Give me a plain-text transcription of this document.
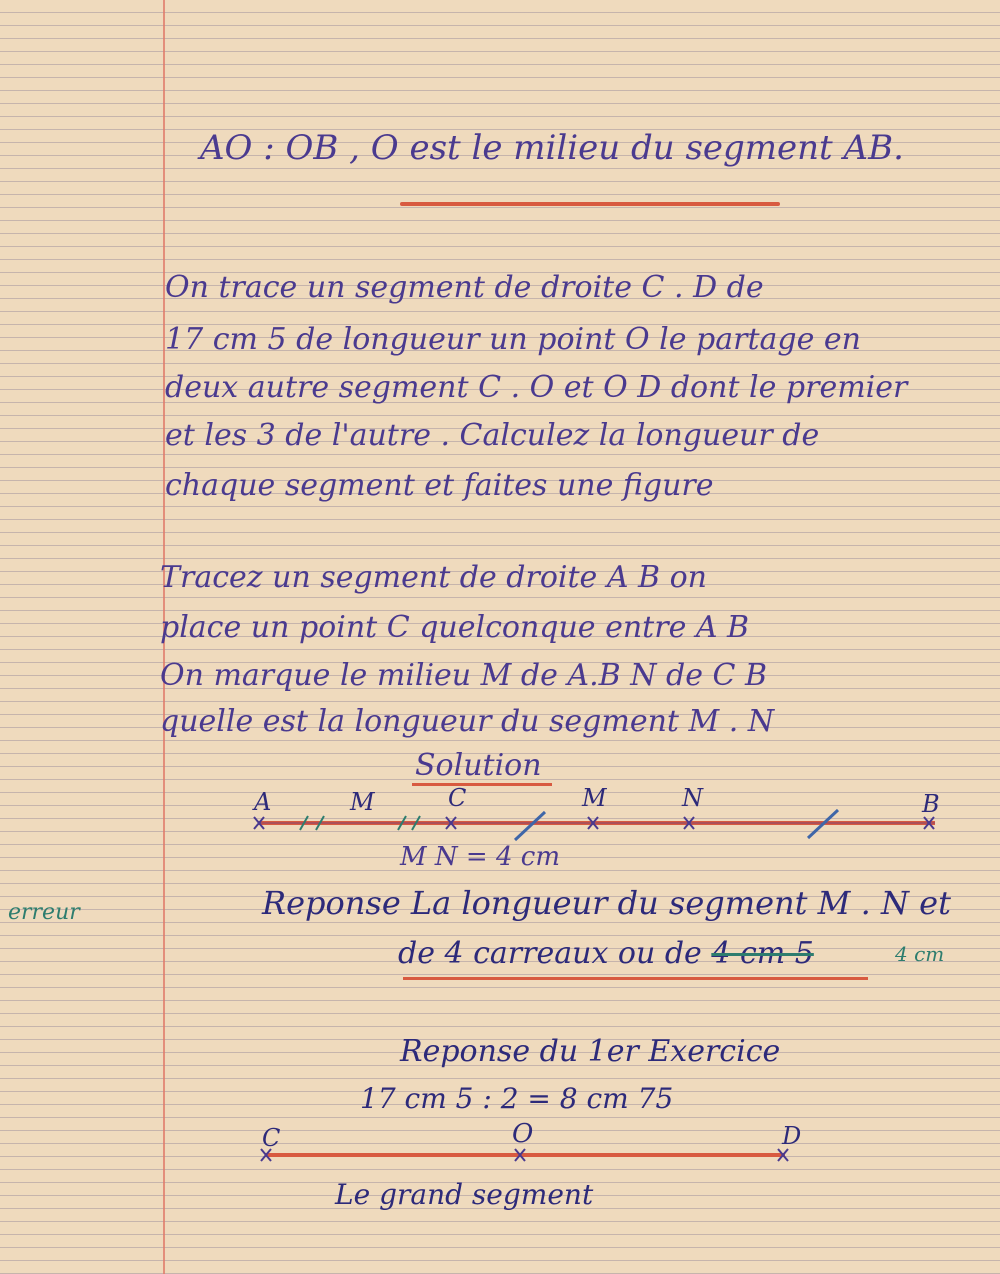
AO : OB , O est le milieu du segment AB.
On trace un segment de droite C . D de
17 cm 5 de longueur un point O le partage en
deux autre segment C . O et O D dont le premier
et les 3 de l'autre . Calculez la longueur de
chaque segment et faites une figure
Tracez un segment de droite A B on
place un point C quelconque entre A B
On marque le milieu M de A.B N de C B
quelle est la longueur du segment M . N
Solution
A	M	C	M	N	B
C	O	D
M N = 4 cm
erreur	Reponse La longueur du segment M . N et
de 4 carreaux ou de 4 cm 5	4 cm
Reponse du 1er Exercice
17 cm 5 : 2 = 8 cm 75
Le grand segment
